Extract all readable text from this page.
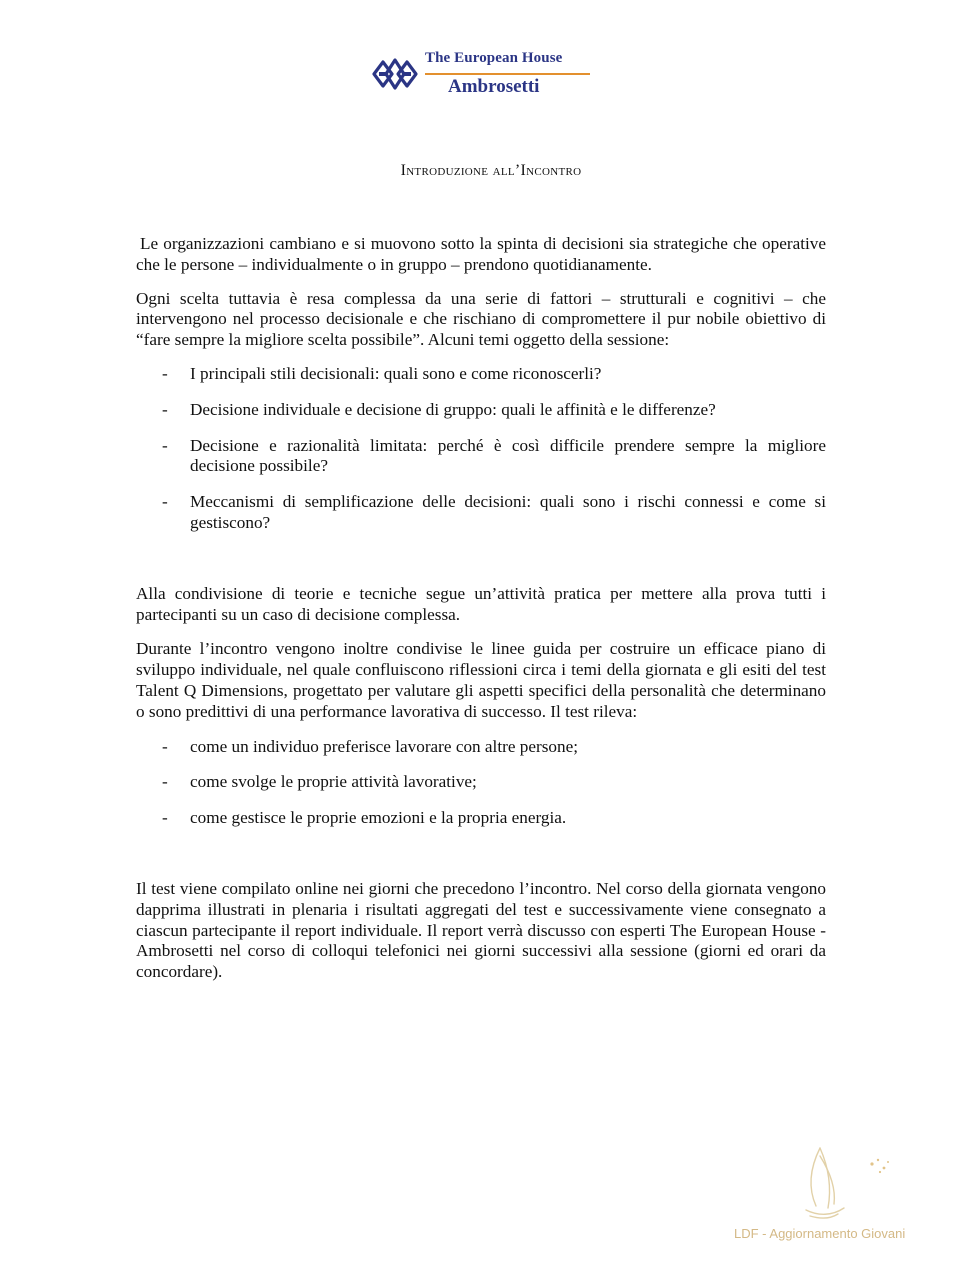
The European House
Ambrosetti
Introduzione all’Incontro

Le organizzazioni cambiano e si muovono sotto la spinta di decisioni sia strategiche che operative che le persone – individualmente o in gruppo – prendono quotidianamente.

Ogni scelta tuttavia è resa complessa da una serie di fattori – strutturali e cognitivi – che intervengono nel processo decisionale e che rischiano di compromettere il pur nobile obiettivo di “fare sempre la migliore scelta possibile”. Alcuni temi oggetto della sessione:

- I principali stili decisionali: quali sono e come riconoscerli?
- Decisione individuale e decisione di gruppo: quali le affinità e le differenze?
- Decisione e razionalità limitata: perché è così difficile prendere sempre la migliore decisione possibile?
- Meccanismi di semplificazione delle decisioni: quali sono i rischi connessi e come si gestiscono?

Alla condivisione di teorie e tecniche segue un’attività pratica per mettere alla prova tutti i partecipanti su un caso di decisione complessa.

Durante l’incontro vengono inoltre condivise le linee guida per costruire un efficace piano di sviluppo individuale, nel quale confluiscono riflessioni circa i temi della giornata e gli esiti del test Talent Q Dimensions, progettato per valutare gli aspetti specifici della personalità che determinano o sono predittivi di una performance lavorativa di successo. Il test rileva:

- come un individuo preferisce lavorare con altre persone;
- come svolge le proprie attività lavorative;
- come gestisce le proprie emozioni e la propria energia.

Il test viene compilato online nei giorni che precedono l’incontro. Nel corso della giornata vengono dapprima illustrati in plenaria i risultati aggregati del test e successivamente viene consegnato a ciascun partecipante il report individuale. Il report verrà discusso con esperti The European House - Ambrosetti nel corso di colloqui telefonici nei giorni successivi alla sessione (giorni ed orari da concordare).

LDF - Aggiornamento Giovani
